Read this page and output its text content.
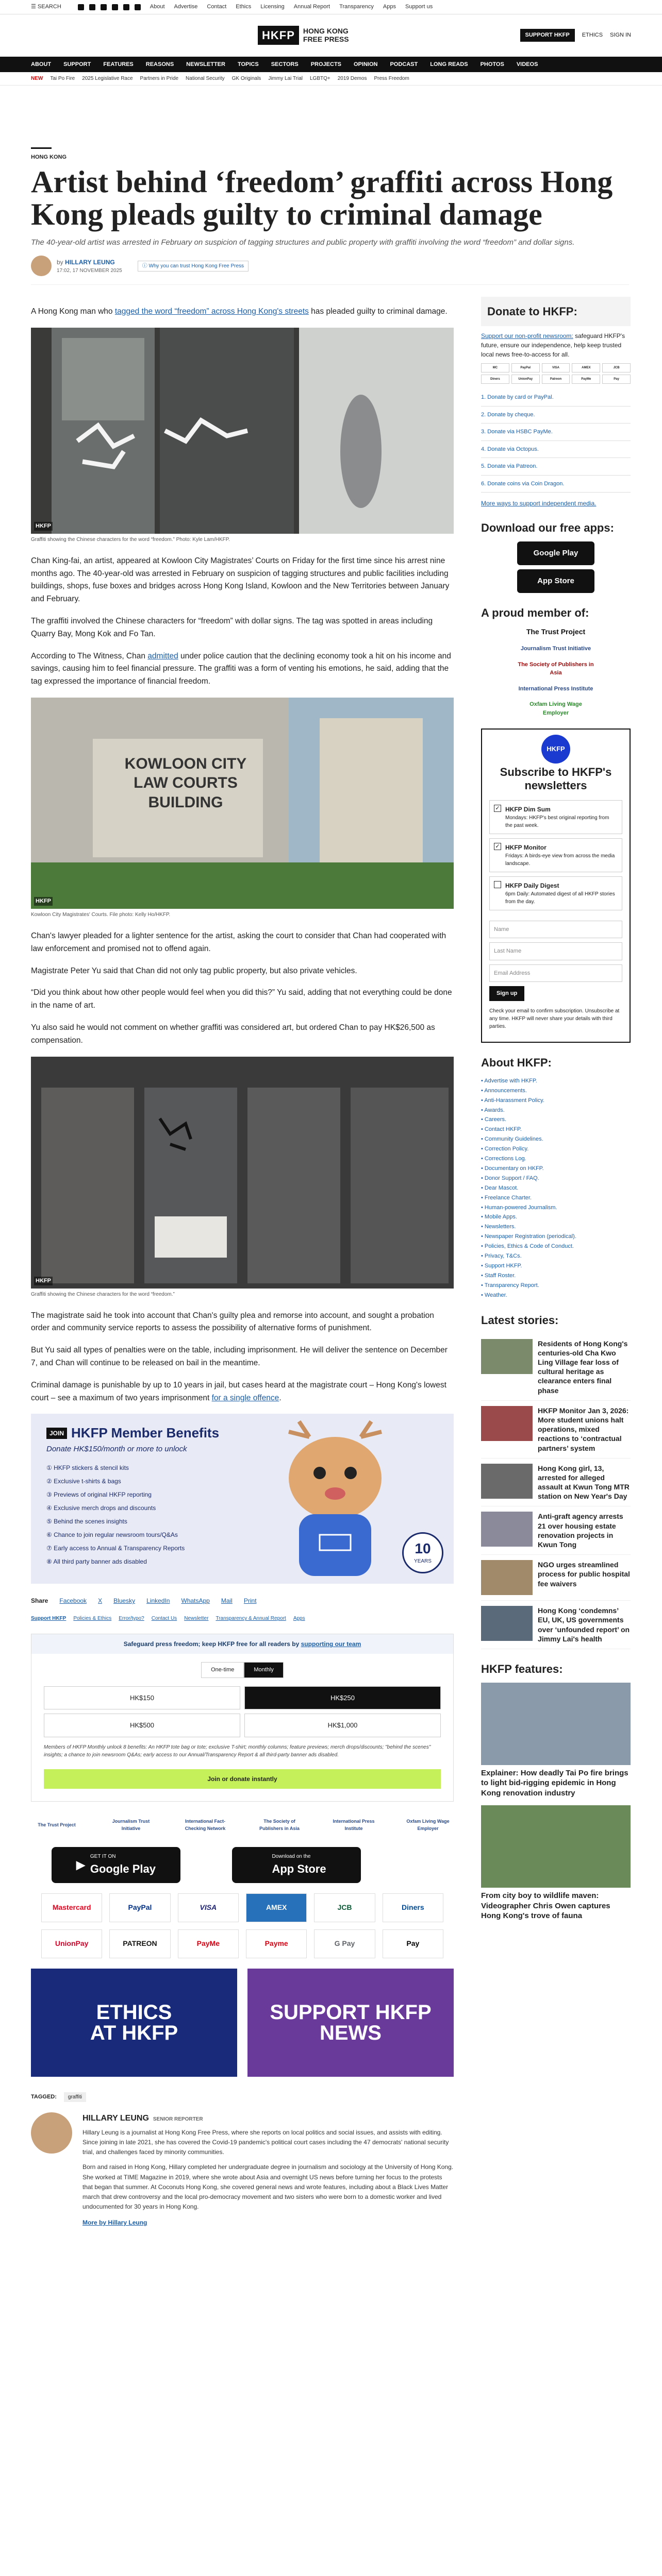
☰ SEARCH	About Advertise Contact Ethics Licensing Annual Report Transparency Apps Support us
HKFP	HONG KONG FREE PRESS	SUPPORT HKFP	ETHICS SIGN IN
ABOUT SUPPORT FEATURES REASONS NEWSLETTER TOPICS SECTORS PROJECTS OPINION PODCAST LONG READS PHOTOS VIDEOS
NEW Tai Po Fire 2025 Legislative Race Partners in Pride National Security GK Originals Jimmy Lai Trial LGBTQ+ 2019 Demos Press Freedom
HONG KONG
Artist behind ‘freedom’ graffiti across Hong Kong pleads guilty to criminal damage
The 40-year-old artist was arrested in February on suspicion of tagging structures and public property with graffiti involving the word “freedom” and dollar signs.
by HILLARY LEUNG
17:02, 17 NOVEMBER 2025
ⓘ Why you can trust Hong Kong Free Press

A Hong Kong man who tagged the word “freedom” across Hong Kong's streets has pleaded guilty to criminal damage.

HKFP
Graffiti showing the Chinese characters for the word “freedom.” Photo: Kyle Lam/HKFP.

Chan King-fai, an artist, appeared at Kowloon City Magistrates’ Courts on Friday for the first time since his arrest nine months ago. The 40-year-old was arrested in February on suspicion of tagging structures and public facilities including buildings, shops, fuse boxes and bridges across Hong Kong Island, Kowloon and the New Territories between January and February.

The graffiti involved the Chinese characters for “freedom” with dollar signs. The tag was spotted in areas including Quarry Bay, Mong Kok and Fo Tan.

According to The Witness, Chan admitted under police caution that the declining economy took a hit on his income and savings, causing him to feel financial pressure. The graffiti was a form of venting his emotions, he said, adding that the tag expressed the importance of financial freedom.

KOWLOON CITY LAW COURTS BUILDING
HKFP
Kowloon City Magistrates' Courts. File photo: Kelly Ho/HKFP.

Chan's lawyer pleaded for a lighter sentence for the artist, asking the court to consider that Chan had cooperated with law enforcement and promised not to offend again.

Magistrate Peter Yu said that Chan did not only tag public property, but also private vehicles.

“Did you think about how other people would feel when you did this?” Yu said, adding that not everything could be done in the name of art.

Yu also said he would not comment on whether graffiti was considered art, but ordered Chan to pay HK$26,500 as compensation.

HKFP
Graffiti showing the Chinese characters for the word “freedom.”

The magistrate said he took into account that Chan's guilty plea and remorse into account, and sought a probation order and community service reports to assess the possibility of alternative forms of punishment.

But Yu said all types of penalties were on the table, including imprisonment. He will deliver the sentence on December 7, and Chan will continue to be released on bail in the meantime.

Criminal damage is punishable by up to 10 years in jail, but cases heard at the magistrate court – Hong Kong's lowest court – see a maximum of two years imprisonment for a single offence.

JOIN HKFP Member Benefits
Donate HK$150/month or more to unlock
① HKFP stickers & stencil kits
② Exclusive t-shirts & bags
③ Previews of original HKFP reporting
④ Exclusive merch drops and discounts
⑤ Behind the scenes insights
⑥ Chance to join regular newsroom tours/Q&As
⑦ Early access to Annual & Transparency Reports
⑧ All third party banner ads disabled
10
YEARS
Share Facebook X Bluesky LinkedIn WhatsApp Mail Print
Support HKFP Policies & Ethics Error/typo? Contact Us Newsletter Transparency & Annual Report Apps
Safeguard press freedom; keep HKFP free for all readers by supporting our team
One-time	Monthly
HK$150	HK$250
HK$500	HK$1,000
Members of HKFP Monthly unlock 8 benefits: An HKFP tote bag or tote; exclusive T-shirt; monthly columns; feature previews; merch drops/discounts; "behind the scenes" insights; a chance to join newsroom Q&As; early access to our Annual/Transparency Report & all third-party banner ads disabled.
Join or donate instantly
The Trust Project
Journalism Trust Initiative
International Fact-Checking Network
The Society of Publishers in Asia
International Press Institute
Oxfam Living Wage Employer
▶
GET IT ON
Google Play
Download on the
App Store
Mastercard	PayPal	VISA	AMEX	JCB	Diners
UnionPay	PATREON	PayMe	Payme	G Pay	Pay
ETHICS
AT HKFP
SUPPORT HKFP
NEWS
TAGGED:	graffiti
HILLARY LEUNG SENIOR REPORTER

Hillary Leung is a journalist at Hong Kong Free Press, where she reports on local politics and social issues, and assists with editing. Since joining in late 2021, she has covered the Covid-19 pandemic's political court cases including the 47 democrats' national security trial, and challenges faced by minority communities.

Born and raised in Hong Kong, Hillary completed her undergraduate degree in journalism and sociology at the University of Hong Kong. She worked at TIME Magazine in 2019, where she wrote about Asia and overnight US news before turning her focus to the protests that began that summer. At Coconuts Hong Kong, she covered general news and wrote features, including about a Black Lives Matter march that drew controversy and the local pro-democracy movement and two sisters who were born to a domestic worker and lived undocumented for 30 years in Hong Kong.

More by Hillary Leung
Donate to HKFP:

Support our non-profit newsroom: safeguard HKFP's future, ensure our independence, help keep trusted local news free-to-access for all.

MC	PayPal	VISA	AMEX	JCB
Diners	UnionPay	Patreon	PayMe	Pay
1. Donate by card or PayPal.
2. Donate by cheque.
3. Donate via HSBC PayMe.
4. Donate via Octopus.
5. Donate via Patreon.
6. Donate coins via Coin Dragon.

More ways to support independent media.

Download our free apps:
Google Play
App Store
A proud member of:
The Trust Project
Journalism Trust Initiative
The Society of Publishers in Asia
International Press Institute
Oxfam Living Wage Employer
HKFP
Subscribe to HKFP's newsletters
✓ HKFP Dim Sum
Mondays: HKFP's best original reporting from the past week.
✓ HKFP Monitor
Fridays: A birds-eye view from across the media landscape.
HKFP Daily Digest
6pm Daily: Automated digest of all HKFP stories from the day.
Name
Last Name
Email Address
Sign up

Check your email to confirm subscription. Unsubscribe at any time. HKFP will never share your details with third parties.

About HKFP:
• Advertise with HKFP.
• Announcements.
• Anti-Harassment Policy.
• Awards.
• Careers.
• Contact HKFP.
• Community Guidelines.
• Correction Policy.
• Corrections Log.
• Documentary on HKFP.
• Donor Support / FAQ.
• Dear Mascot.
• Freelance Charter.
• Human-powered Journalism.
• Mobile Apps.
• Newsletters.
• Newspaper Registration (periodical).
• Policies, Ethics & Code of Conduct.
• Privacy, T&Cs.
• Support HKFP.
• Staff Roster.
• Transparency Report.
• Weather.
Latest stories:
Residents of Hong Kong's centuries-old Cha Kwo Ling Village fear loss of cultural heritage as clearance enters final phase
HKFP Monitor Jan 3, 2026: More student unions halt operations, mixed reactions to ‘contractual partners’ system
Hong Kong girl, 13, arrested for alleged assault at Kwun Tong MTR station on New Year's Day
Anti-graft agency arrests 21 over housing estate renovation projects in Kwun Tong
NGO urges streamlined process for public hospital fee waivers
Hong Kong ‘condemns’ EU, UK, US governments over ‘unfounded report’ on Jimmy Lai's health
HKFP features:
Explainer: How deadly Tai Po fire brings to light bid-rigging epidemic in Hong Kong renovation industry
From city boy to wildlife maven: Videographer Chris Owen captures Hong Kong's trove of fauna
